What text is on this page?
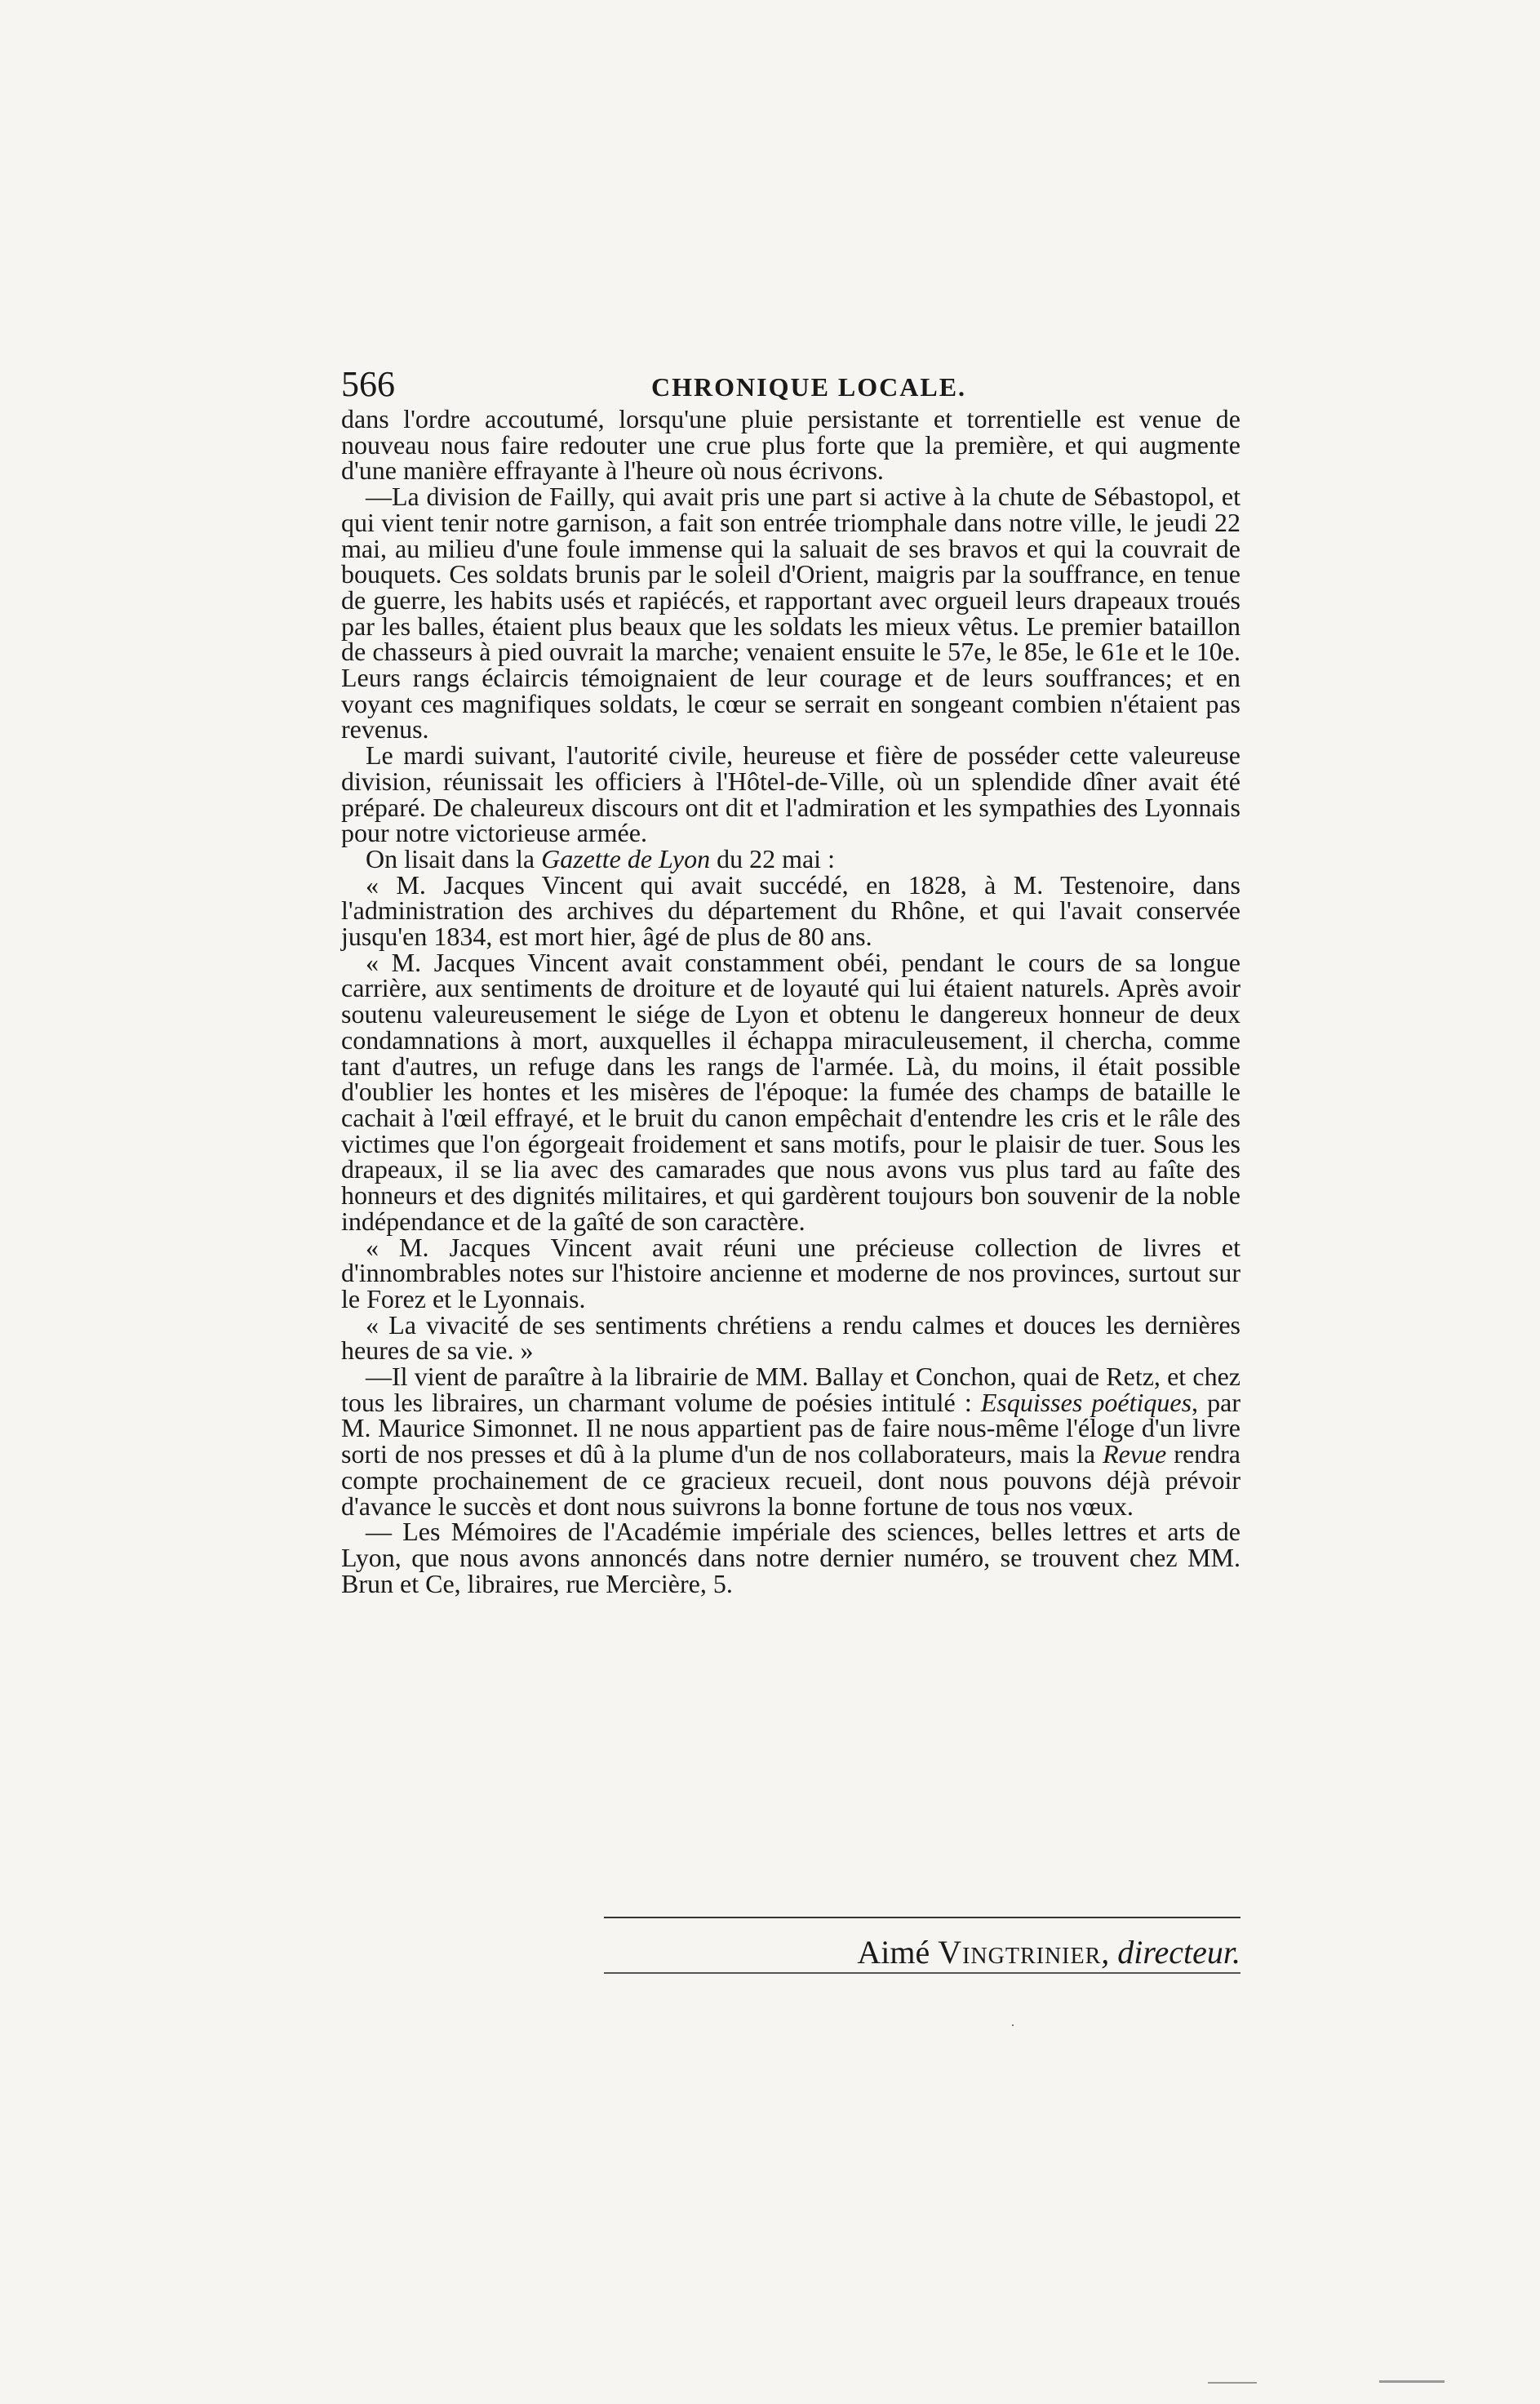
566	CHRONIQUE LOCALE.

dans l'ordre accoutumé, lorsqu'une pluie persistante et torrentielle est venue de nouveau nous faire redouter une crue plus forte que la première, et qui augmente d'une manière effrayante à l'heure où nous écrivons.

—La division de Failly, qui avait pris une part si active à la chute de Sébastopol, et qui vient tenir notre garnison, a fait son entrée triomphale dans notre ville, le jeudi 22 mai, au milieu d'une foule immense qui la saluait de ses bravos et qui la couvrait de bouquets. Ces soldats brunis par le soleil d'Orient, maigris par la souffrance, en tenue de guerre, les habits usés et rapiécés, et rapportant avec orgueil leurs drapeaux troués par les balles, étaient plus beaux que les soldats les mieux vêtus. Le premier bataillon de chasseurs à pied ouvrait la marche; venaient ensuite le 57e, le 85e, le 61e et le 10e. Leurs rangs éclaircis témoignaient de leur courage et de leurs souffrances; et en voyant ces magnifiques soldats, le cœur se serrait en songeant combien n'étaient pas revenus.

Le mardi suivant, l'autorité civile, heureuse et fière de posséder cette valeureuse division, réunissait les officiers à l'Hôtel-de-Ville, où un splendide dîner avait été préparé. De chaleureux discours ont dit et l'admiration et les sympathies des Lyonnais pour notre victorieuse armée.

On lisait dans la Gazette de Lyon du 22 mai :

« M. Jacques Vincent qui avait succédé, en 1828, à M. Testenoire, dans l'administration des archives du département du Rhône, et qui l'avait conservée jusqu'en 1834, est mort hier, âgé de plus de 80 ans.

« M. Jacques Vincent avait constamment obéi, pendant le cours de sa longue carrière, aux sentiments de droiture et de loyauté qui lui étaient naturels. Après avoir soutenu valeureusement le siége de Lyon et obtenu le dangereux honneur de deux condamnations à mort, auxquelles il échappa miraculeusement, il chercha, comme tant d'autres, un refuge dans les rangs de l'armée. Là, du moins, il était possible d'oublier les hontes et les misères de l'époque: la fumée des champs de bataille le cachait à l'œil effrayé, et le bruit du canon empêchait d'entendre les cris et le râle des victimes que l'on égorgeait froidement et sans motifs, pour le plaisir de tuer. Sous les drapeaux, il se lia avec des camarades que nous avons vus plus tard au faîte des honneurs et des dignités militaires, et qui gardèrent toujours bon souvenir de la noble indépendance et de la gaîté de son caractère.

« M. Jacques Vincent avait réuni une précieuse collection de livres et d'innombrables notes sur l'histoire ancienne et moderne de nos provinces, surtout sur le Forez et le Lyonnais.

« La vivacité de ses sentiments chrétiens a rendu calmes et douces les dernières heures de sa vie. »

—Il vient de paraître à la librairie de MM. Ballay et Conchon, quai de Retz, et chez tous les libraires, un charmant volume de poésies intitulé : Esquisses poétiques, par M. Maurice Simonnet. Il ne nous appartient pas de faire nous-même l'éloge d'un livre sorti de nos presses et dû à la plume d'un de nos collaborateurs, mais la Revue rendra compte prochainement de ce gracieux recueil, dont nous pouvons déjà prévoir d'avance le succès et dont nous suivrons la bonne fortune de tous nos vœux.

— Les Mémoires de l'Académie impériale des sciences, belles lettres et arts de Lyon, que nous avons annoncés dans notre dernier numéro, se trouvent chez MM. Brun et Ce, libraires, rue Mercière, 5.

Aimé Vingtrinier, directeur.
